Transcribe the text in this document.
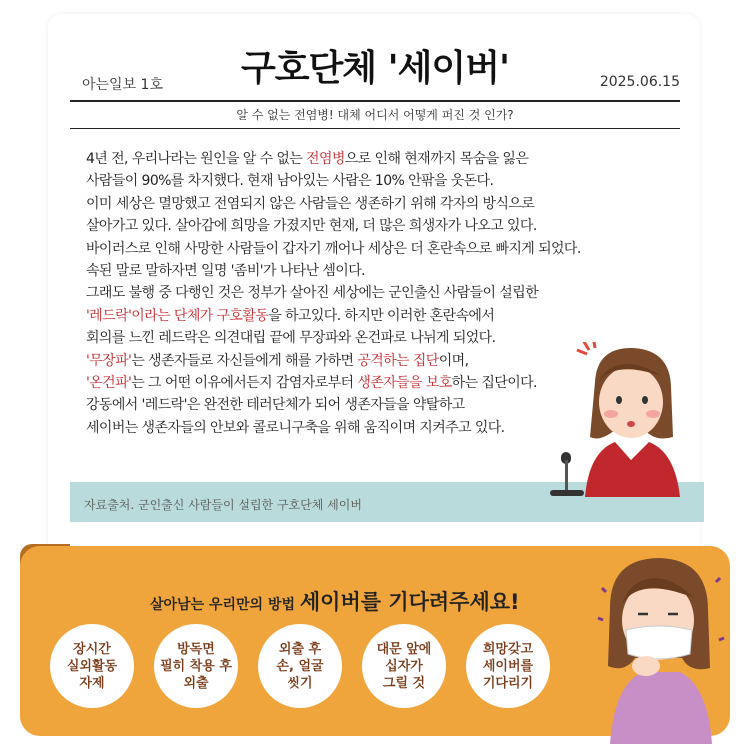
아는일보 1호	구호단체 '세이버'	2025.06.15
알 수 없는 전염병! 대체 어디서 어떻게 퍼진 것 인가?
4년 전, 우리나라는 원인을 알 수 없는 전염병으로 인해 현재까지 목숨을 잃은
사람들이 90%를 차지했다. 현재 남아있는 사람은 10% 안팎을 웃돈다.
이미 세상은 멸망했고 전염되지 않은 사람들은 생존하기 위해 각자의 방식으로
살아가고 있다. 살아감에 희망을 가졌지만 현재, 더 많은 희생자가 나오고 있다.
바이러스로 인해 사망한 사람들이 갑자기 깨어나 세상은 더 혼란속으로 빠지게 되었다.
속된 말로 말하자면 일명 '좀비'가 나타난 셈이다.
그래도 불행 중 다행인 것은 정부가 살아진 세상에는 군인출신 사람들이 설립한
'레드락'이라는 단체가 구호활동을 하고있다. 하지만 이러한 혼란속에서
회의를 느낀 레드락은 의견대립 끝에 무장파와 온건파로 나뉘게 되었다.
'무장파'는 생존자들로 자신들에게 해를 가하면 공격하는 집단이며,
'온건파'는 그 어떤 이유에서든지 감염자로부터 생존자들을 보호하는 집단이다.
강동에서 '레드락'은 완전한 테러단체가 되어 생존자들을 약탈하고
세이버는 생존자들의 안보와 콜로니구축을 위해 움직이며 지켜주고 있다.
자료출처. 군인출신 사람들이 설립한 구호단체 세이버
살아남는 우리만의 방법 세이버를 기다려주세요!
장시간
실외활동
자제
방독면
필히 착용 후
외출
외출 후
손, 얼굴
씻기
대문 앞에
십자가
그릴 것
희망갖고
세이버를
기다리기
